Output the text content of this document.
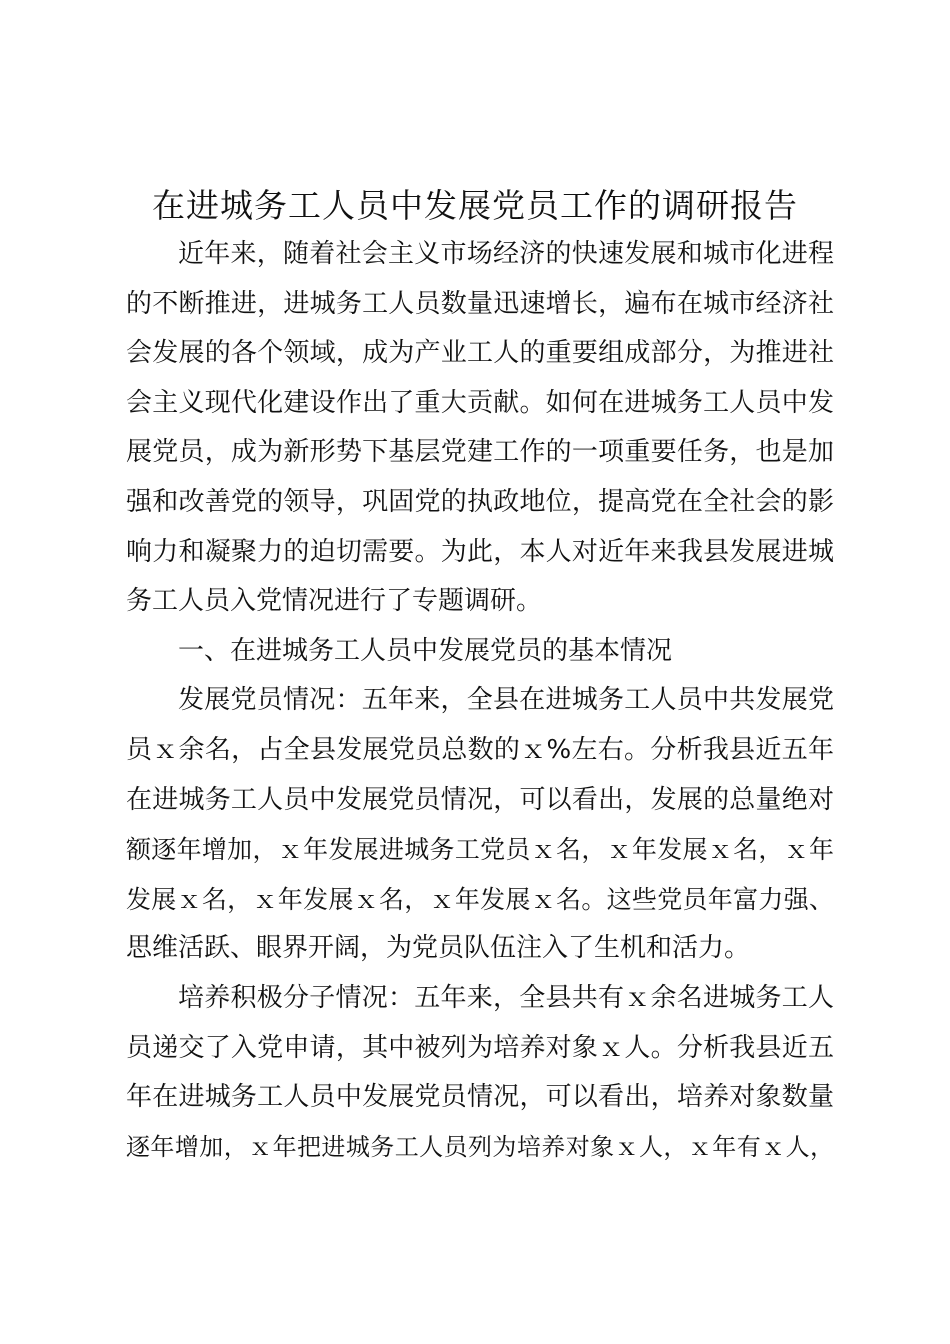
在进城务工人员中发展党员工作的调研报告
近年来，随着社会主义市场经济的快速发展和城市化进程
的不断推进，进城务工人员数量迅速增长，遍布在城市经济社
会发展的各个领域，成为产业工人的重要组成部分，为推进社
会主义现代化建设作出了重大贡献。如何在进城务工人员中发
展党员，成为新形势下基层党建工作的一项重要任务，也是加
强和改善党的领导，巩固党的执政地位，提高党在全社会的影
响力和凝聚力的迫切需要。为此，本人对近年来我县发展进城
务工人员入党情况进行了专题调研。
一、在进城务工人员中发展党员的基本情况
发展党员情况：五年来，全县在进城务工人员中共发展党
员ｘ余名，占全县发展党员总数的ｘ%左右。分析我县近五年
在进城务工人员中发展党员情况，可以看出，发展的总量绝对
额逐年增加，ｘ年发展进城务工党员ｘ名，ｘ年发展ｘ名，ｘ年
发展ｘ名，ｘ年发展ｘ名，ｘ年发展ｘ名。这些党员年富力强、
思维活跃、眼界开阔，为党员队伍注入了生机和活力。
培养积极分子情况：五年来，全县共有ｘ余名进城务工人
员递交了入党申请，其中被列为培养对象ｘ人。分析我县近五
年在进城务工人员中发展党员情况，可以看出，培养对象数量
逐年增加，ｘ年把进城务工人员列为培养对象ｘ人，ｘ年有ｘ人，
